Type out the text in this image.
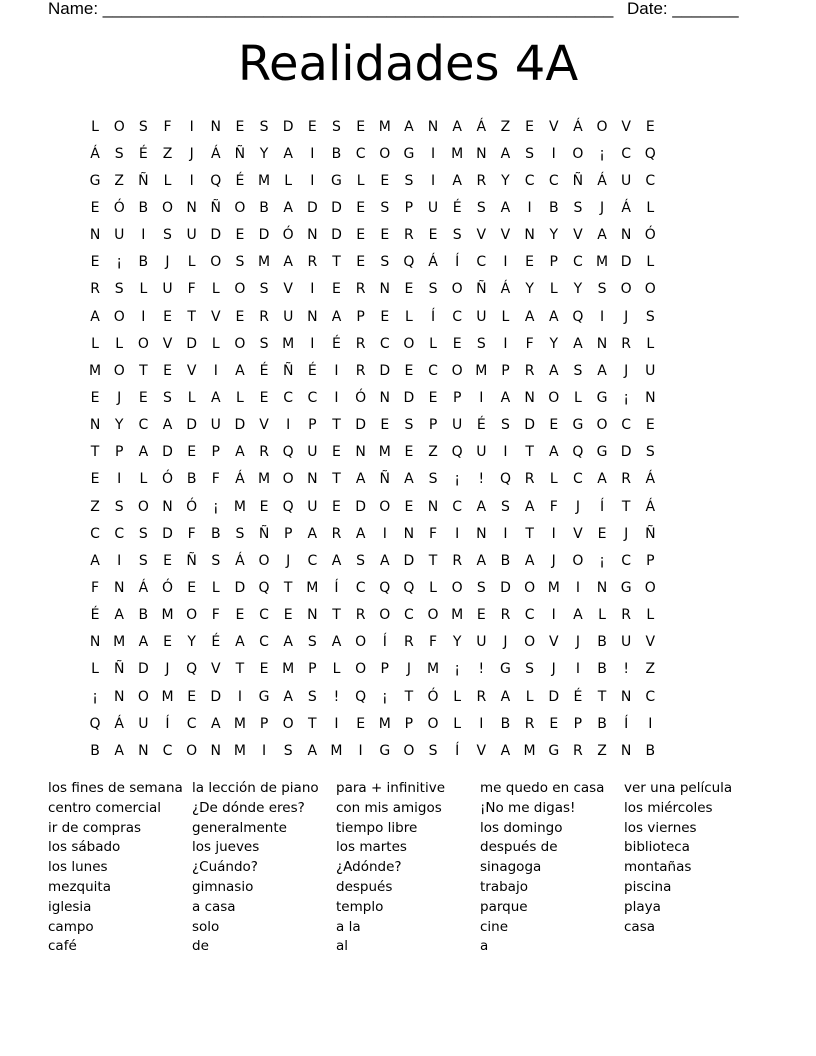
Name: ______________________________________________________

Date: _______

Realidades 4A
L	O	S	F	I	N	E	S	D	E	S	E M A	N	A	Á	Z	E	V	Á O V	E
Á	S	É	Z	J	Á	Ñ	Y	A	I	B	C O G	I	M N	A	S	I	O	¡	C Q
G Z	Ñ	L	I	Q	É M	L	I	G	L	E	S	I	A	R	Y	C	C	Ñ	Á	U	C
E	Ó B O N Ñ O B	A D D	E	S	P	U	É	S	A	I	B	S	J	Á	L
N U	I	S	U D	E	D Ó N D	E	E	R	E	S	V	V	N	Y	V	A	N Ó
E	¡	B	J	L	O	S M A	R	T	E	S	Q Á	Í	C	I	E	P	C M D	L
R	S	L	U	F	L	O	S	V	I	E	R	N	E	S	O Ñ	Á	Y	L	Y	S	O O
A O	I	E	T	V	E	R	U N	A	P	E	L	Í	C	U	L	A	A Q	I	J	S
L	L	O V D	L	O	S M	I	É	R	C O	L	E	S	I	F	Y	A	N	R	L
M O	T	E	V	I	A	É	Ñ	É	I	R D	E	C O M P	R	A	S	A	J	U
E	J	E	S	L	A	L	E	C	C	I	Ó N D	E	P	I	A	N O	L	G	¡	N
N	Y	C	A D U D V	I	P	T	D	E	S	P	U	É	S	D	E	G O C	E
T	P	A D	E	P	A	R Q U	E	N M E	Z Q U	I	T	A Q G D	S
E	I	L	Ó B	F	Á M O N	T	A	Ñ	A	S	¡	!	Q R	L	C	A	R	Á
Z	S	O N Ó	¡	M E	Q U	E	D O	E	N	C	A	S	A	F	J	Í	T	Á
C	C	S	D	F	B	S	Ñ	P	A	R	A	I	N	F	I	N	I	T	I	V	E	J	Ñ
A	I	S	E	Ñ	S	Á O	J	C	A	S	A D	T	R	A	B	A	J	O	¡	C	P
F	N	Á Ó	E	L	D Q	T M	Í	C Q Q	L	O	S	D O M	I	N G O
É	A	B M O	F	E	C	E	N	T	R O C O M E	R	C	I	A	L	R	L
N M A	E	Y	É	A	C	A	S	A O	Í	R	F	Y	U	J	O V	J	B	U	V
L	Ñ D	J	Q V	T	E M P	L	O	P	J	M	¡	!	G	S	J	I	B	!	Z
¡	N O M E	D	I	G A	S	!	Q	¡	T	Ó	L	R	A	L	D	É	T	N	C
Q Á	U	Í	C	A M P	O	T	I	E M P	O	L	I	B	R	E	P	B	Í	I
B	A	N	C O N M	I	S	A M	I	G O	S	Í	V	A M G R	Z	N	B
los fines de semana
centro comercial
ir de compras
los sábado
los lunes
mezquita
iglesia
campo
café
la lección de piano
¿De dónde eres?
generalmente
los jueves
¿Cuándo?
gimnasio
a casa
solo
de
para + infinitive
con mis amigos
tiempo libre
los martes
¿Adónde?
después
templo
a la
al
me quedo en casa
¡No me digas!
los domingo
después de
sinagoga
trabajo
parque
cine
a
ver una película
los miércoles
los viernes
biblioteca
montañas
piscina
playa
casa
